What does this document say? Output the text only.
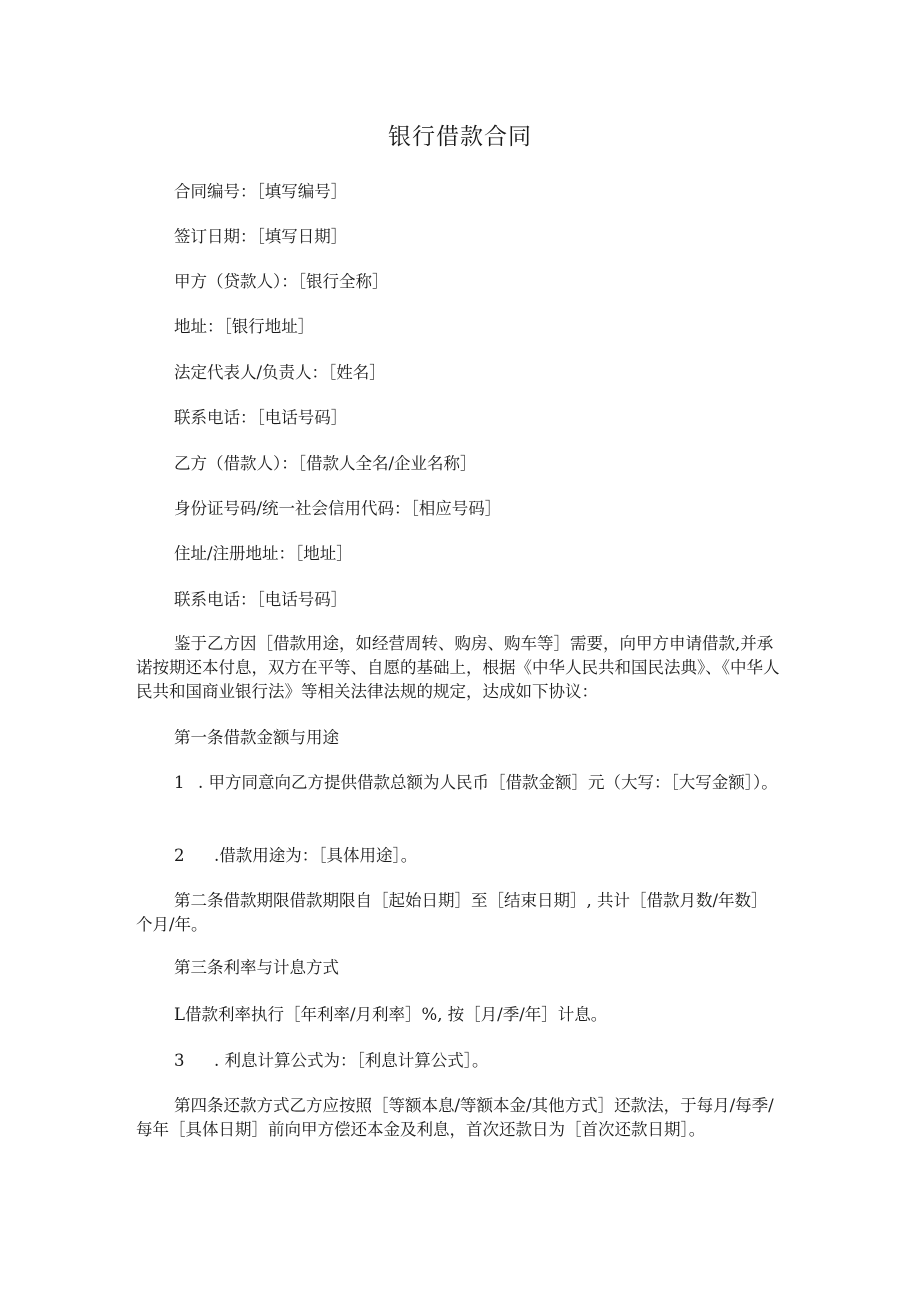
银行借款合同

合同编号：［填写编号］

签订日期：［填写日期］

甲方（贷款人）：［银行全称］

地址：［银行地址］

法定代表人/负责人：［姓名］

联系电话：［电话号码］

乙方（借款人）：［借款人全名/企业名称］

身份证号码/统一社会信用代码：［相应号码］

住址/注册地址：［地址］

联系电话：［电话号码］

鉴于乙方因［借款用途，如经营周转、购房、购车等］需要，向甲方申请借款,并承诺按期还本付息，双方在平等、自愿的基础上，根据《中华人民共和国民法典》、《中华人民共和国商业银行法》等相关法律法规的规定，达成如下协议：

第一条借款金额与用途

1 . 甲方同意向乙方提供借款总额为人民币［借款金额］元（大写：［大写金额］）。

2 .借款用途为：［具体用途］。

第二条借款期限借款期限自［起始日期］至［结束日期］, 共计［借款月数/年数］个月/年。

第三条利率与计息方式

L借款利率执行［年利率/月利率］%, 按［月/季/年］计息。

3 . 利息计算公式为：［利息计算公式］。

第四条还款方式乙方应按照［等额本息/等额本金/其他方式］还款法，于每月/每季/每年［具体日期］前向甲方偿还本金及利息，首次还款日为［首次还款日期］。
